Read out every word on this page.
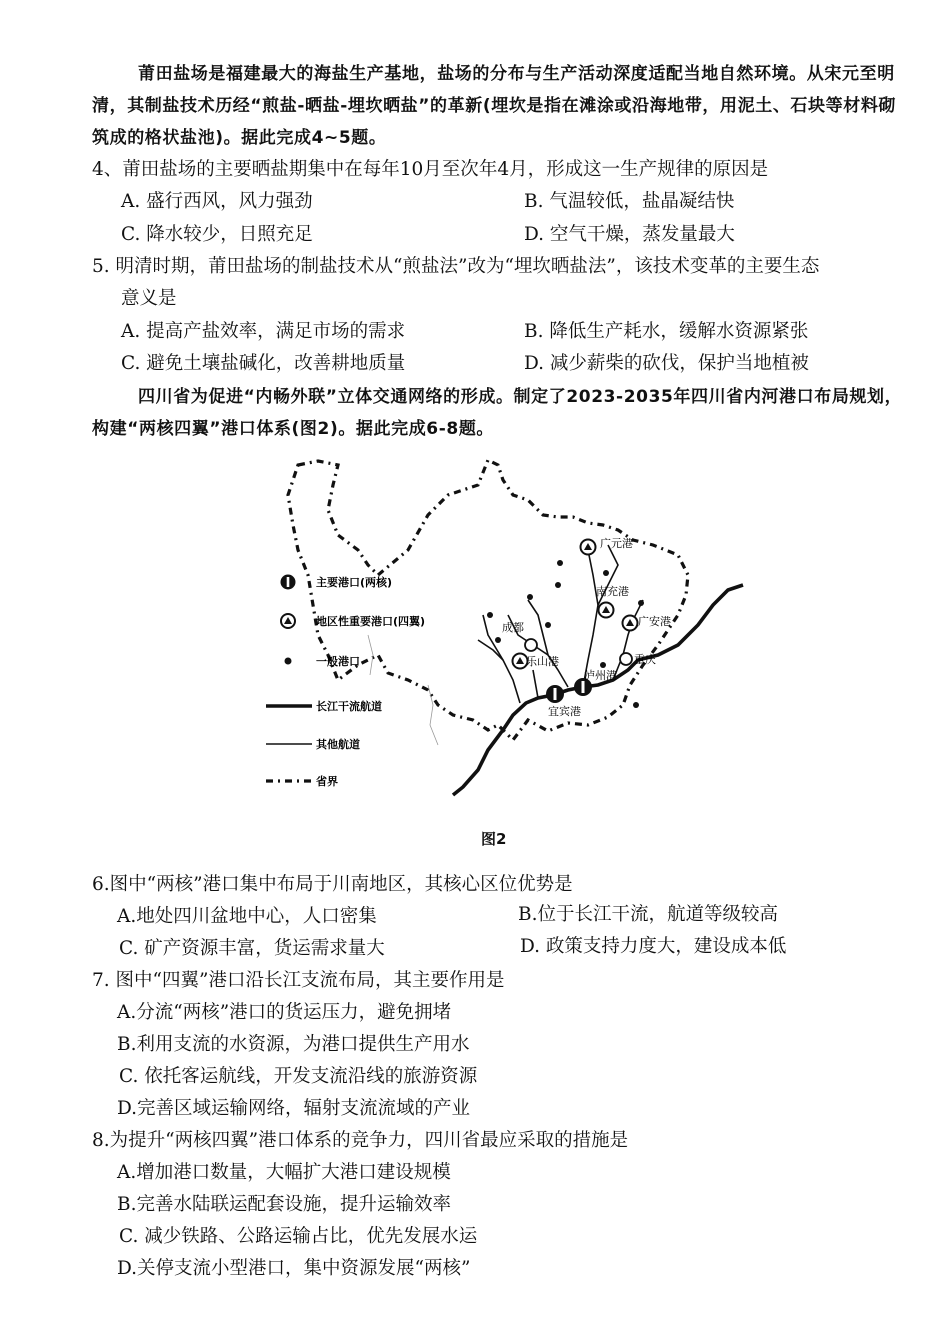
莆田盐场是福建最大的海盐生产基地，盐场的分布与生产活动深度适配当地自然环境。从宋元至明清，其制盐技术历经“煎盐-晒盐-埋坎晒盐”的革新(埋坎是指在滩涂或沿海地带，用泥土、石块等材料砌筑成的格状盐池)。据此完成4~5题。
4、莆田盐场的主要晒盐期集中在每年10月至次年4月，形成这一生产规律的原因是
A. 盛行西风，风力强劲	B. 气温较低，盐晶凝结快
C. 降水较少，日照充足	D. 空气干燥，蒸发量最大
5. 明清时期，莆田盐场的制盐技术从“煎盐法”改为“埋坎晒盐法”，该技术变革的主要生态
意义是
A. 提高产盐效率，满足市场的需求	B. 降低生产耗水，缓解水资源紧张
C. 避免土壤盐碱化，改善耕地质量	D. 减少薪柴的砍伐，保护当地植被
四川省为促进“内畅外联”立体交通网络的形成。制定了2023-2035年四川省内河港口布局规划，构建“两核四翼”港口体系(图2)。据此完成6-8题。
广元港
南充港
广安港
成都
乐山港
泸州港
宜宾港
重庆
主要港口(两核)
地区性重要港口(四翼)
一般港口
长江干流航道
其他航道
省界
图2
6.图中“两核”港口集中布局于川南地区，其核心区位优势是
A.地处四川盆地中心，人口密集	B.位于长江干流，航道等级较高
C. 矿产资源丰富，货运需求量大	D. 政策支持力度大，建设成本低
7. 图中“四翼”港口沿长江支流布局，其主要作用是
A.分流“两核”港口的货运压力，避免拥堵
B.利用支流的水资源，为港口提供生产用水
C. 依托客运航线，开发支流沿线的旅游资源
D.完善区域运输网络，辐射支流流域的产业
8.为提升“两核四翼”港口体系的竞争力，四川省最应采取的措施是
A.增加港口数量，大幅扩大港口建设规模
B.完善水陆联运配套设施，提升运输效率
C. 减少铁路、公路运输占比，优先发展水运
D.关停支流小型港口，集中资源发展“两核”
